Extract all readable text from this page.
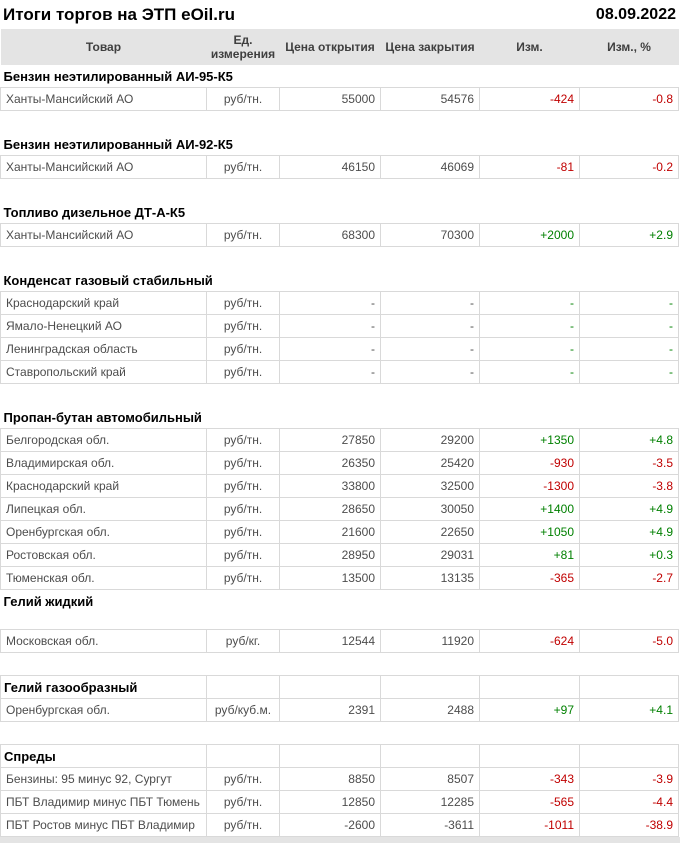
Итоги торгов на ЭТП eOil.ru	08.09.2022
Товар	Ед. измерения	Цена открытия	Цена закрытия	Изм.	Изм., %
Бензин неэтилированный АИ-95-К5					
Ханты-Мансийский АО	руб/тн.	55000	54576	-424	-0.8

Бензин неэтилированный АИ-92-К5					
Ханты-Мансийский АО	руб/тн.	46150	46069	-81	-0.2

Топливо дизельное ДТ-А-К5					
Ханты-Мансийский АО	руб/тн.	68300	70300	+2000	+2.9

Конденсат газовый стабильный					
Краснодарский край	руб/тн.	-	-	-	-
Ямало-Ненецкий АО	руб/тн.	-	-	-	-
Ленинградская область	руб/тн.	-	-	-	-
Ставропольский край	руб/тн.	-	-	-	-

Пропан-бутан автомобильный					
Белгородская обл.	руб/тн.	27850	29200	+1350	+4.8
Владимирская обл.	руб/тн.	26350	25420	-930	-3.5
Краснодарский край	руб/тн.	33800	32500	-1300	-3.8
Липецкая обл.	руб/тн.	28650	30050	+1400	+4.9
Оренбургская обл.	руб/тн.	21600	22650	+1050	+4.9
Ростовская обл.	руб/тн.	28950	29031	+81	+0.3
Тюменская обл.	руб/тн.	13500	13135	-365	-2.7
Гелий жидкий					

Московская обл.	руб/кг.	12544	11920	-624	-5.0

Гелий газообразный					
Оренбургская обл.	руб/куб.м.	2391	2488	+97	+4.1

Спреды					
Бензины: 95 минус 92, Сургут	руб/тн.	8850	8507	-343	-3.9
ПБТ Владимир минус ПБТ Тюмень	руб/тн.	12850	12285	-565	-4.4
ПБТ Ростов минус ПБТ Владимир	руб/тн.	-2600	-3611	-1011	-38.9
